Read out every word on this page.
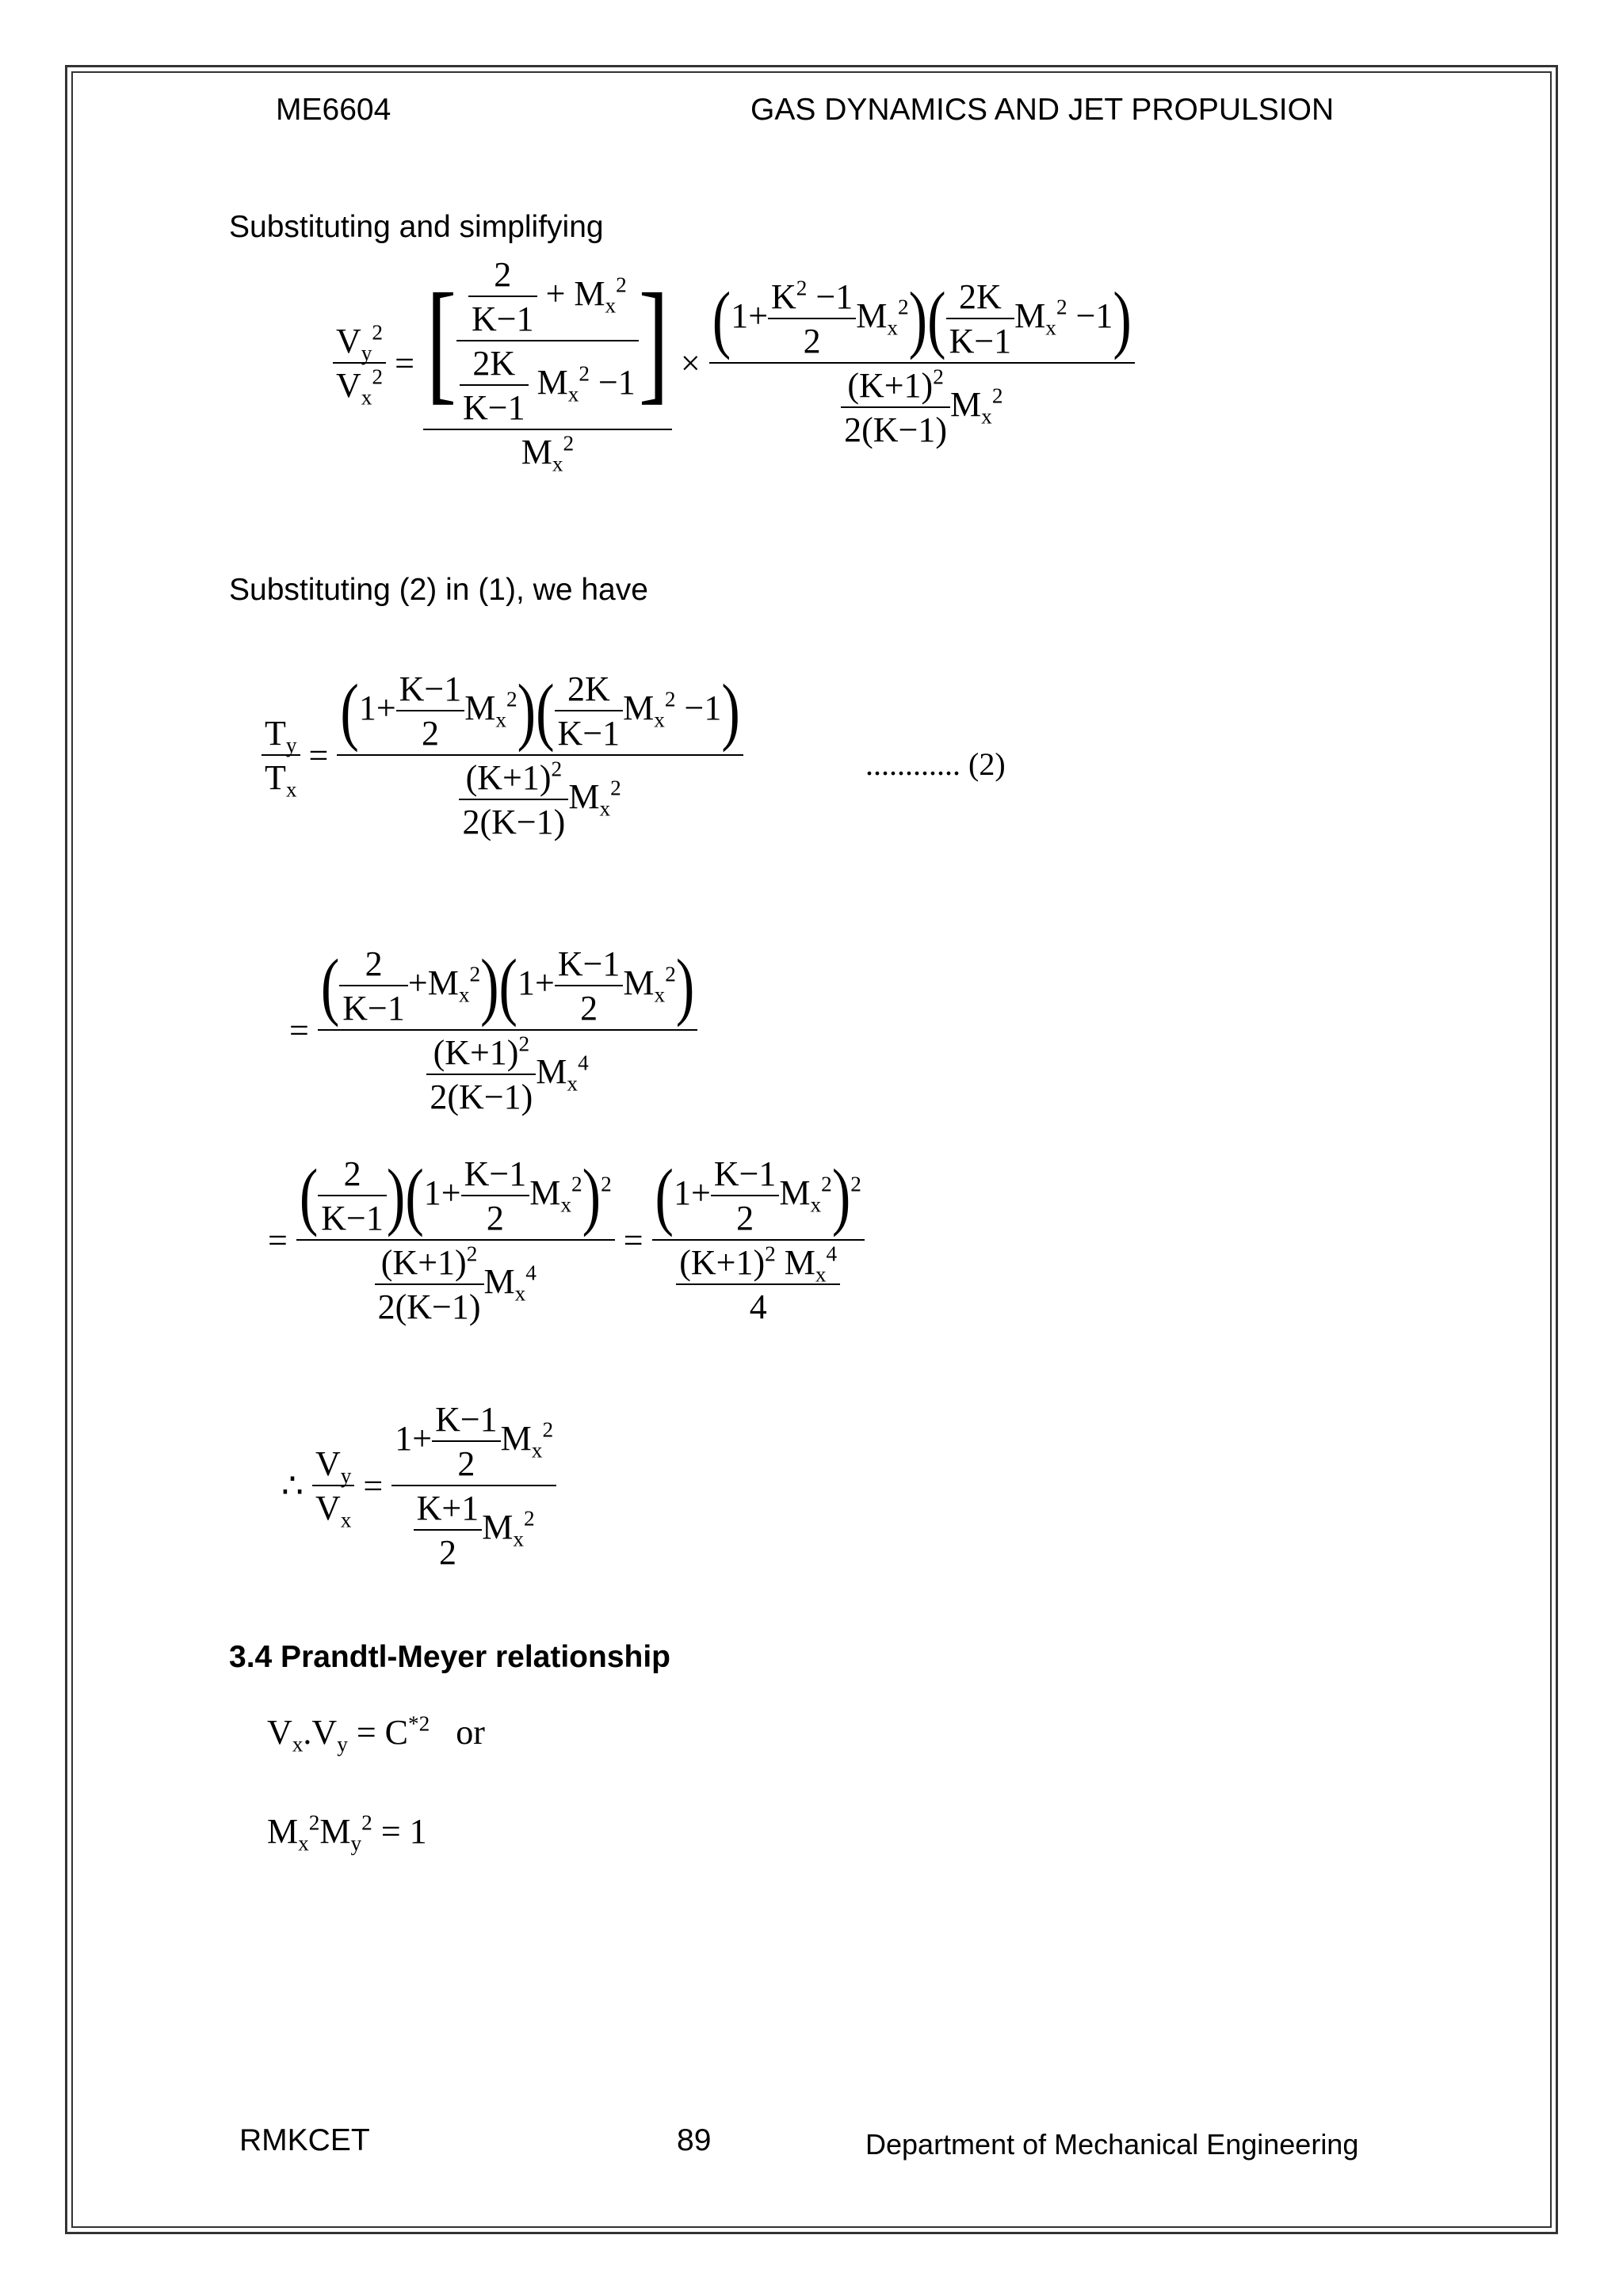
ME6604	GAS DYNAMICS AND JET PROPULSION
Substituting and simplifying
$\frac{V_y^2}{V_x^2} = \frac{[ \frac{\frac{2}{K-1} + M_x^2}{\frac{2K}{K-1} M_x^2 -1} ]}{M_x^2} \times \frac{(1+ \frac{K^2 -1}{2} M_x^2)( \frac{2K}{K-1} M_x^2 -1)}{\frac{(K+1)^2}{2(K-1)} M_x^2}$
Substituting (2) in (1), we have
$\frac{T_y}{T_x} = \frac{(1+ \frac{K-1}{2} M_x^2)( \frac{2K}{K-1} M_x^2 -1)}{\frac{(K+1)^2}{2(K-1)} M_x^2}$	............ (2)
= $\frac{( \frac{2}{K-1} +M_x^2)(1+ \frac{K-1}{2} M_x^2)}{\frac{(K+1)^2}{2(K-1)} M_x^4}$
= $\frac{( \frac{2}{K-1} )(1+ \frac{K-1}{2} M_x^2)^2}{\frac{(K+1)^2}{2(K-1)} M_x^4} = \frac{(1+ \frac{K-1}{2} M_x^2)^2}{\frac{(K+1)^2 M_x^4}{4}}$
∴ $\frac{V_y}{V_x} = \frac{1+ \frac{K-1}{2} M_x^2}{\frac{K+1}{2} M_x^2}$
3.4 Prandtl-Meyer relationship
$V_x.V_y = C^{*2}$ or
$M_x^2M_y^2 = 1$
RMKCET	89	Department of Mechanical Engineering
